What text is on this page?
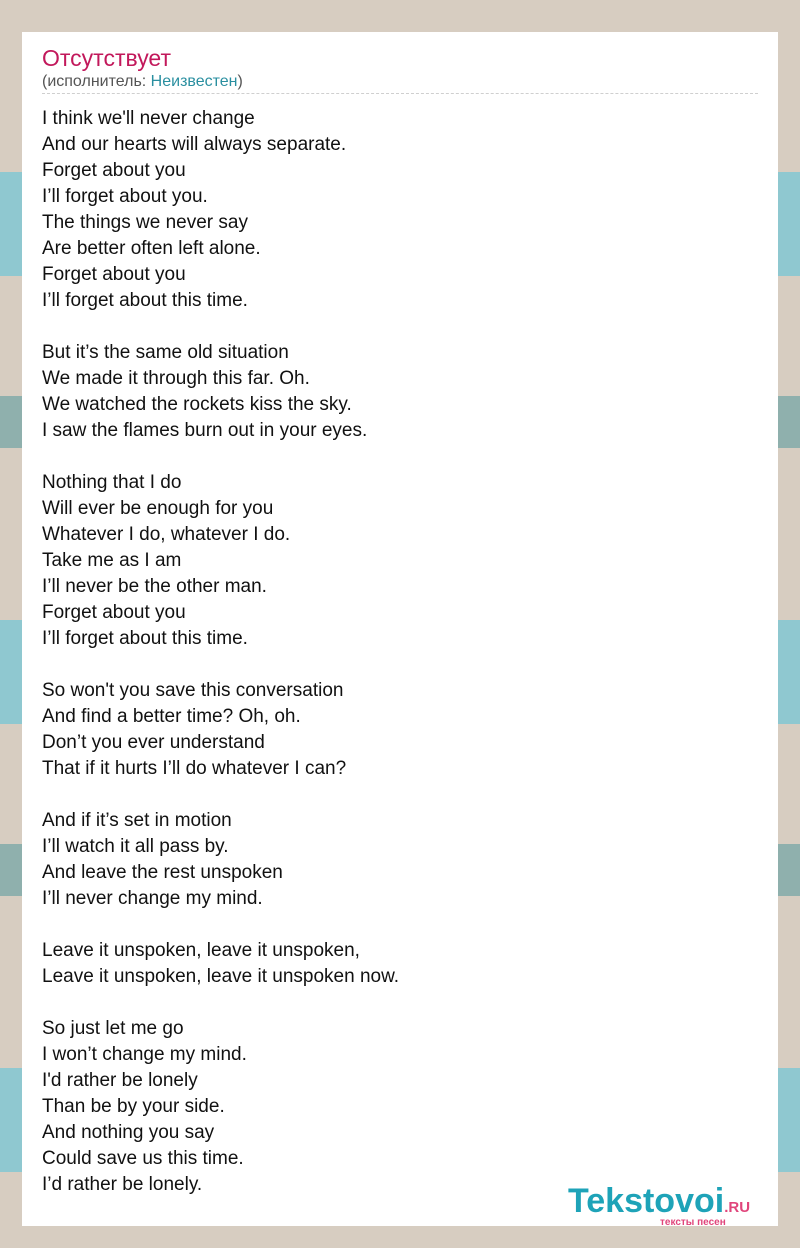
Отсутствует
(исполнитель: Неизвестен)
I think we'll never change
And our hearts will always separate.
Forget about you
I’ll forget about you.
The things we never say
Are better often left alone.
Forget about you
I’ll forget about this time.
But it’s the same old situation
We made it through this far. Oh.
We watched the rockets kiss the sky.
I saw the flames burn out in your eyes.
Nothing that I do
Will ever be enough for you
Whatever I do, whatever I do.
Take me as I am
I’ll never be the other man.
Forget about you
I’ll forget about this time.
So won't you save this conversation
And find a better time? Oh, oh.
Don’t you ever understand
That if it hurts I’ll do whatever I can?
And if it’s set in motion
I’ll watch it all pass by.
And leave the rest unspoken
I’ll never change my mind.
Leave it unspoken, leave it unspoken,
Leave it unspoken, leave it unspoken now.
So just let me go
I won’t change my mind.
I'd rather be lonely
Than be by your side.
And nothing you say
Could save us this time.
I’d rather be lonely.	Tekstovoi.RU
тексты песен
